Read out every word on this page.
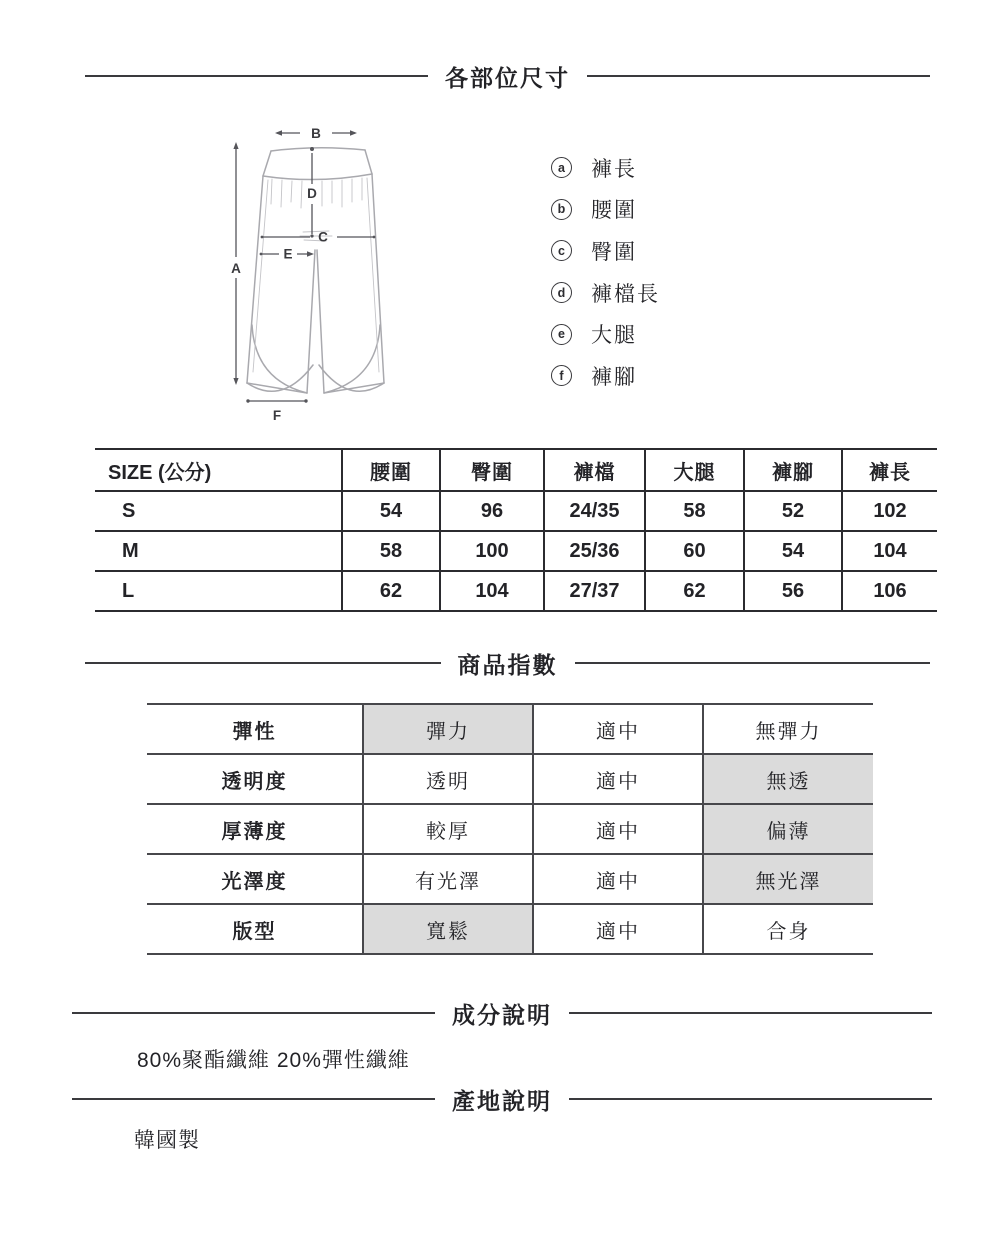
各部位尺寸
B
A
D
C
E
F
a	褲長
b	腰圍
c	臀圍
d	褲檔長
e	大腿
f	褲腳
SIZE (公分)	腰圍	臀圍	褲檔	大腿	褲腳	褲長
S	54	96	24/35	58	52	102
M	58	100	25/36	60	54	104
L	62	104	27/37	62	56	106
商品指數
彈性	彈力	適中	無彈力
透明度	透明	適中	無透
厚薄度	較厚	適中	偏薄
光澤度	有光澤	適中	無光澤
版型	寬鬆	適中	合身
成分說明
80%聚酯纖維 20%彈性纖維
產地說明
韓國製
